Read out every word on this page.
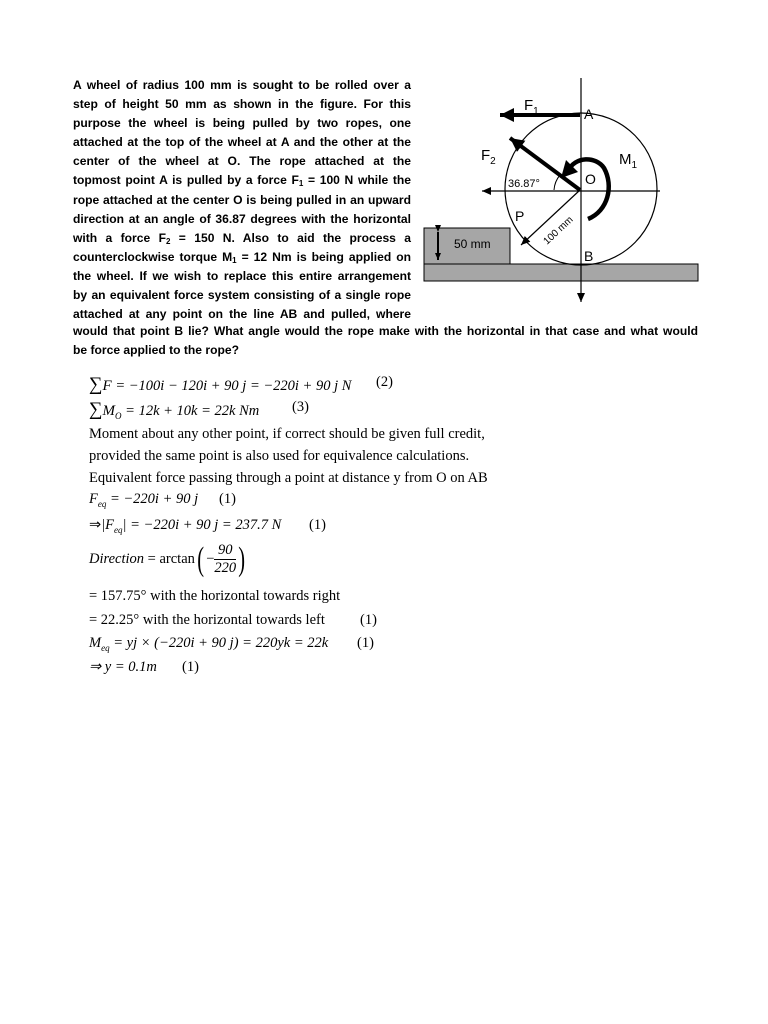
A wheel of radius 100 mm is sought to be rolled over a
step of height 50 mm as shown in the figure. For this
purpose the wheel is being pulled by two ropes, one
attached at the top of the wheel at A and the other at the
center of the wheel at O. The rope attached at the
topmost point A is pulled by a force $F_1 = 100$ N while the
rope attached at the center O is being pulled in an upward
direction at an angle of 36.87 degrees with the horizontal
with a force $F_2 = 150$ N. Also to aid the process a
counterclockwise torque $M_1 = 12$ Nm is being applied on
the wheel. If we wish to replace this entire arrangement
by an equivalent force system consisting of a single rope
attached at any point on the line AB and pulled, where
would that point B lie? What angle would the rope make with the horizontal in that case and what would
be force applied to the rope?
50 mm
$F_1$	A
$F_2$	$M_1$
36.87°	O
P 100 mm
B
∑F = −100i − 120i + 90 j = −220i + 90 j N (2)
$\sum M_O = 12k + 10k = 22k$ Nm (3)
Moment about any other point, if correct should be given full credit,
provided the same point is also used for equivalence calculations.
Equivalent force passing through a point at distance y from O on AB
$F_{eq} = -220i + 90$ j (1)
$\Rightarrow|F_{eq}| = -220i + 90$ j = 237.7 N (1)
Direction = $\arctan( - \frac{90}{220}$ )
= 157.75° with the horizontal towards right
= 22.25° with the horizontal towards left (1)
$M_{eq}$ = yj × (−220i + 90 j) = 220yk = 22k (1)
⇒ y = 0.1m (1)
